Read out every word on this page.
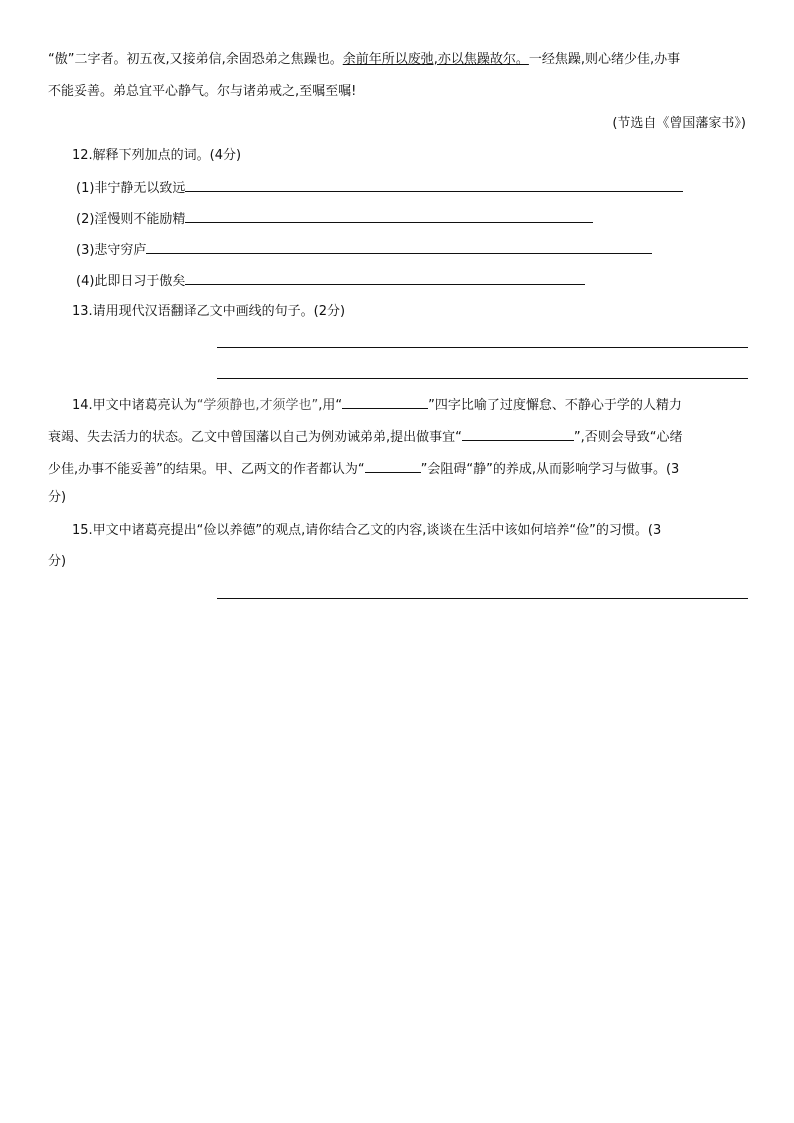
“傲”二字者。初五夜,又接弟信,余固恐弟之焦躁也。余前年所以废弛,亦以焦躁故尔。一经焦躁,则心绪少佳,办事
不能妥善。弟总宜平心静气。尔与诸弟戒之,至嘱至嘱!
(节选自《曾国藩家书》)
12.解释下列加点的词。(4分)
(1)非宁静无以致远
(2)淫慢则不能励精
(3)悲守穷庐
(4)此即日习于傲矣
13.请用现代汉语翻译乙文中画线的句子。(2分)
14.甲文中诸葛亮认为“学须静也,才须学也”,用“	”四字比喻了过度懈怠、不静心于学的人精力
衰竭、失去活力的状态。乙文中曾国藩以自己为例劝诫弟弟,提出做事宜“	”,否则会导致“心绪
少佳,办事不能妥善”的结果。甲、乙两文的作者都认为“	”会阻碍“静”的养成,从而影响学习与做事。(3
分)
15.甲文中诸葛亮提出“俭以养德”的观点,请你结合乙文的内容,谈谈在生活中该如何培养“俭”的习惯。(3
分)
